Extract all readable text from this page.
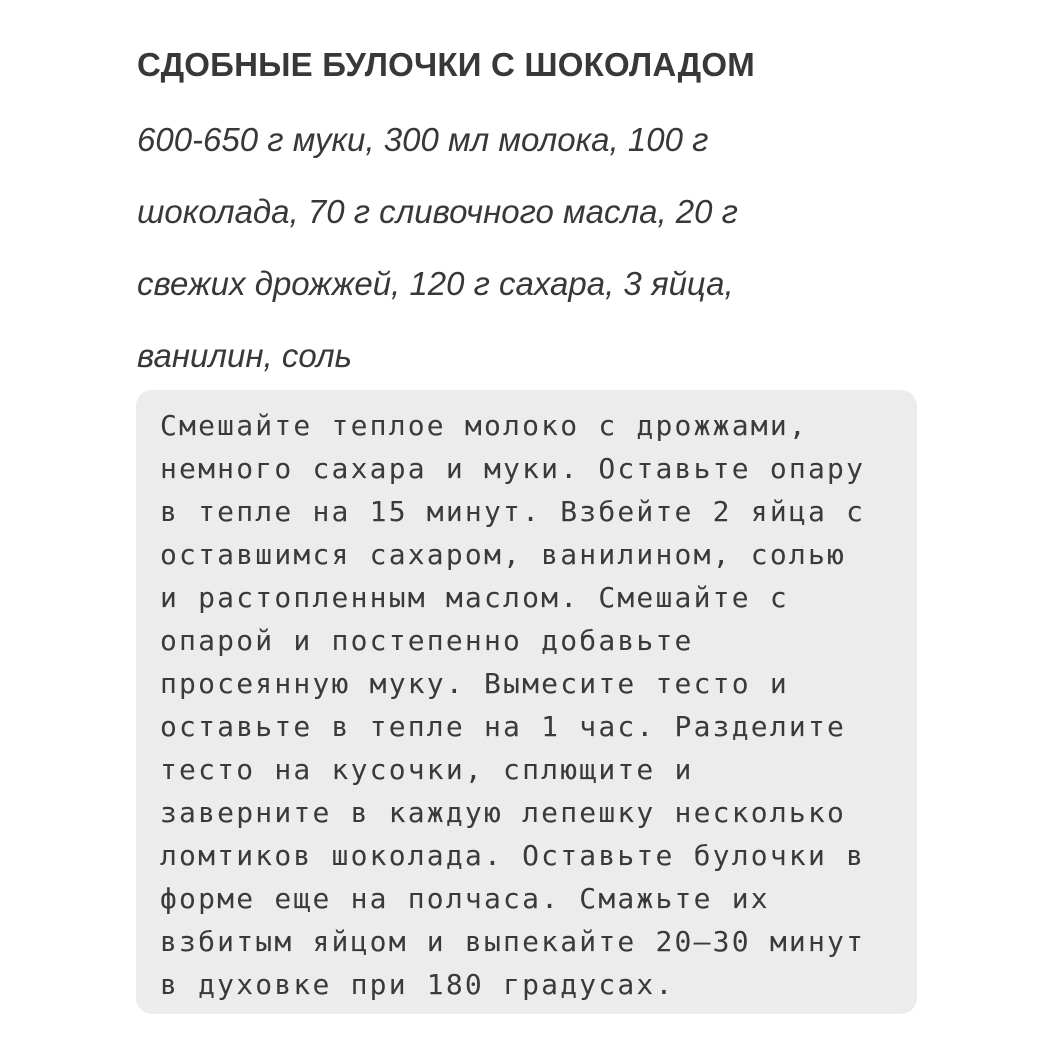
СДОБНЫЕ БУЛОЧКИ С ШОКОЛАДОМ
600-650 г муки, 300 мл молока, 100 г
шоколада, 70 г сливочного масла, 20 г
свежих дрожжей, 120 г сахара, 3 яйца,
ванилин, соль
Смешайте теплое молоко с дрожжами,
немного сахара и муки. Оставьте опару
в тепле на 15 минут. Взбейте 2 яйца с
оставшимся сахаром, ванилином, солью
и растопленным маслом. Смешайте с
опарой и постепенно добавьте
просеянную муку. Вымесите тесто и
оставьте в тепле на 1 час. Разделите
тесто на кусочки, сплющите и
заверните в каждую лепешку несколько
ломтиков шоколада. Оставьте булочки в
форме еще на полчаса. Смажьте их
взбитым яйцом и выпекайте 20–30 минут
в духовке при 180 градусах.
